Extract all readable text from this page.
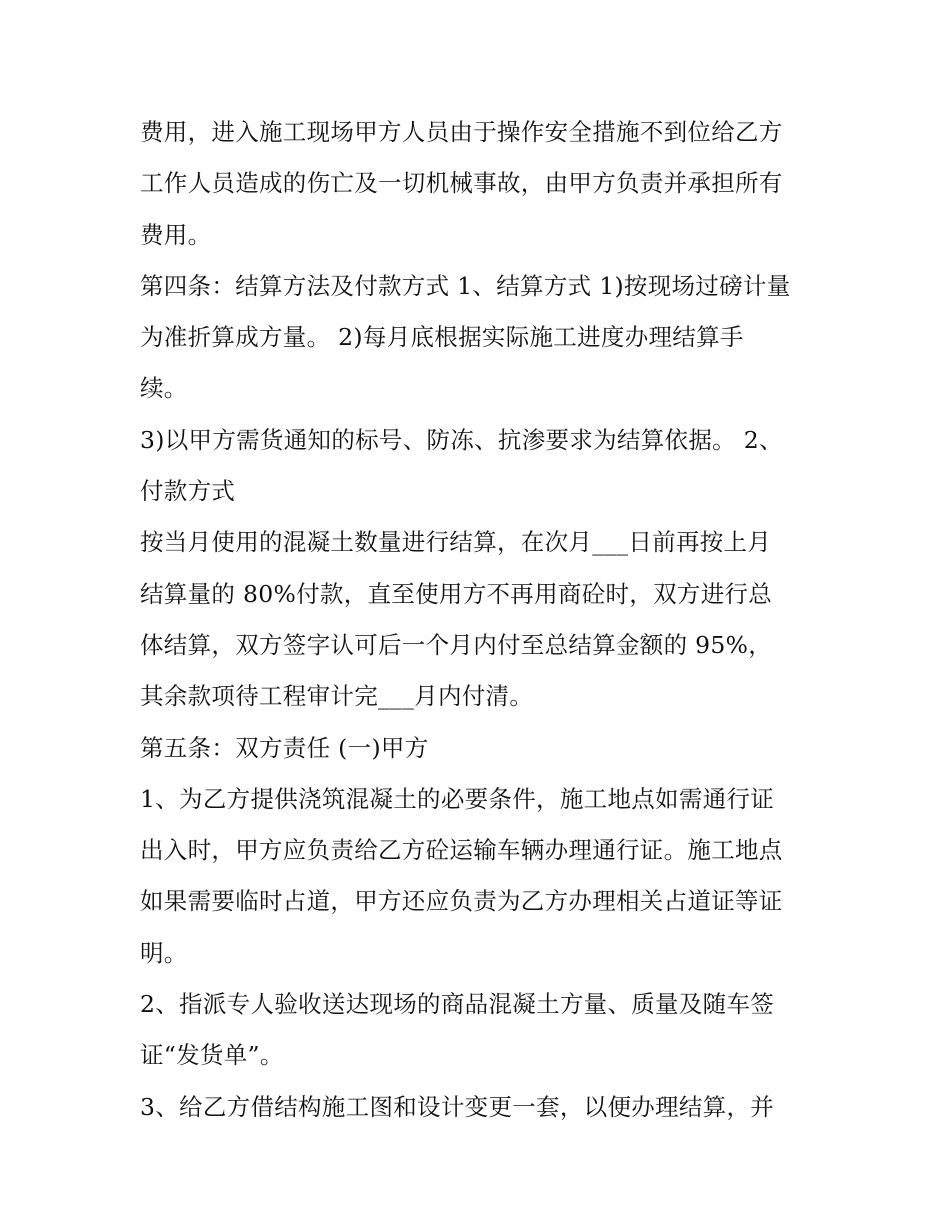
费用，进入施工现场甲方人员由于操作安全措施不到位给乙方
工作人员造成的伤亡及一切机械事故，由甲方负责并承担所有
费用。
第四条：结算方法及付款方式 1、结算方式 1)按现场过磅计量
为准折算成方量。 2)每月底根据实际施工进度办理结算手
续。
3)以甲方需货通知的标号、防冻、抗渗要求为结算依据。 2、
付款方式
按当月使用的混凝土数量进行结算，在次月___日前再按上月
结算量的 80%付款，直至使用方不再用商砼时，双方进行总
体结算，双方签字认可后一个月内付至总结算金额的 95%，
其余款项待工程审计完___月内付清。
第五条：双方责任 (一)甲方
1、为乙方提供浇筑混凝土的必要条件，施工地点如需通行证
出入时，甲方应负责给乙方砼运输车辆办理通行证。施工地点
如果需要临时占道，甲方还应负责为乙方办理相关占道证等证
明。
2、指派专人验收送达现场的商品混凝土方量、质量及随车签
证“发货单”。
3、给乙方借结构施工图和设计变更一套，以便办理结算，并
